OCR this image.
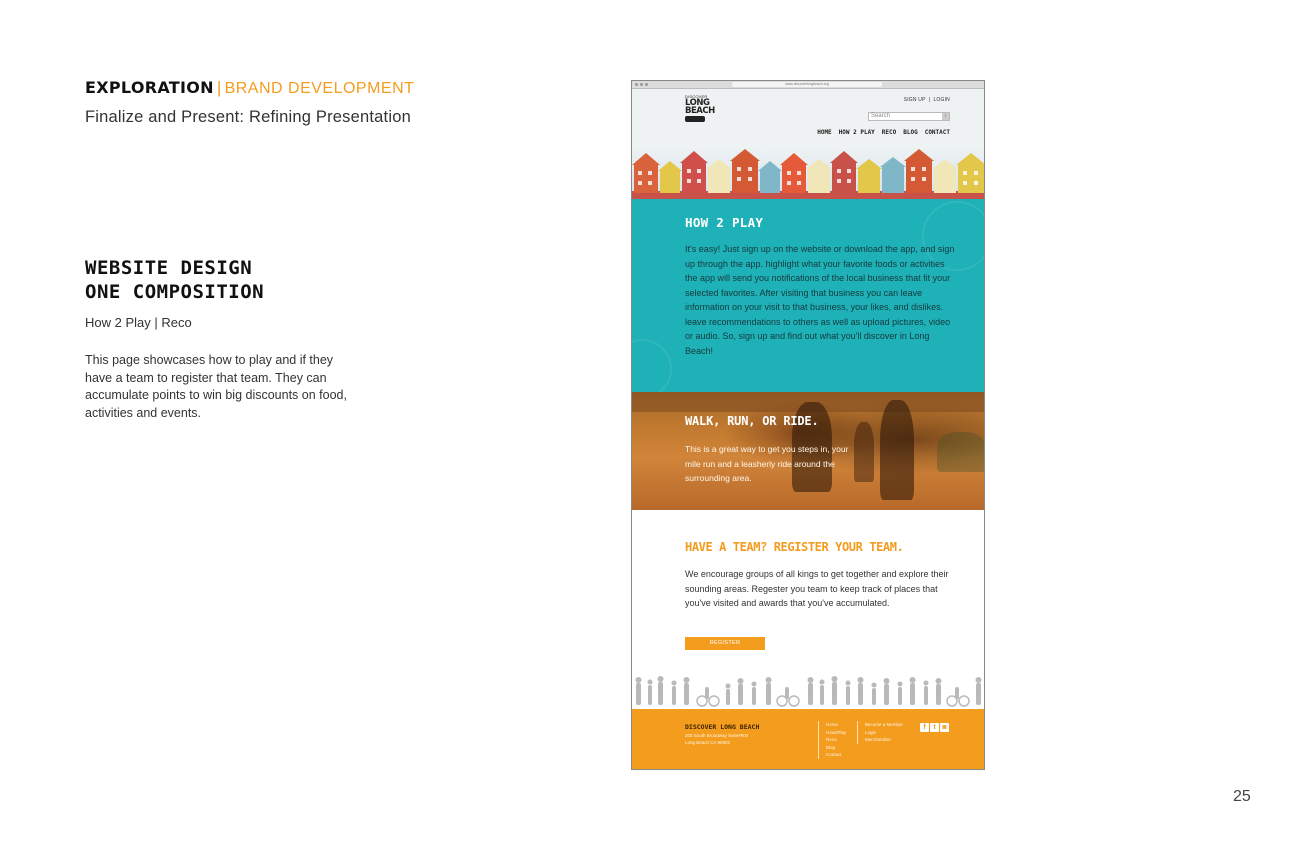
EXPLORATION | BRAND DEVELOPMENT
Finalize and Present: Refining Presentation
WEBSITE DESIGN
ONE COMPOSITION
How 2 Play | Reco
This page showcases how to play and if they have a team to register that team. They can accumulate points to win big discounts on food, activities and events.
25
www.discoverlongbeach.org
DISCOVER
LONG
BEACH
SIGN UP  |  LOGIN
Search	›
HOME HOW 2 PLAY RECO BLOG CONTACT
HOW 2 PLAY

It's easy! Just sign up on the website or download the app, and sign up through the app. highlight what your favorite foods or activities the app will send you notifications of the local business that fit your selected favorites. After visiting that business you can leave information on your visit to that business, your likes, and dislikes. leave recommendations to others as well as upload pictures, video or audio. So, sign up and find out what you'll discover in Long Beach!

WALK, RUN, OR RIDE.

This is a great way to get you steps in, your mile run and a leasherly ride around the surrounding area.

HAVE A TEAM? REGISTER YOUR TEAM.

We encourage groups of all kings to get together and explore their sounding areas. Regester you team to keep track of places that you've visited and awards that you've accumulated.

REGISTER
DISCOVER LONG BEACH
200 South Broadway Suite#800
Long Beach CA 90802
Home
How2Play
Reco
Blog
Contact
Become a Member
Login
Merchandise
f	t ◙
